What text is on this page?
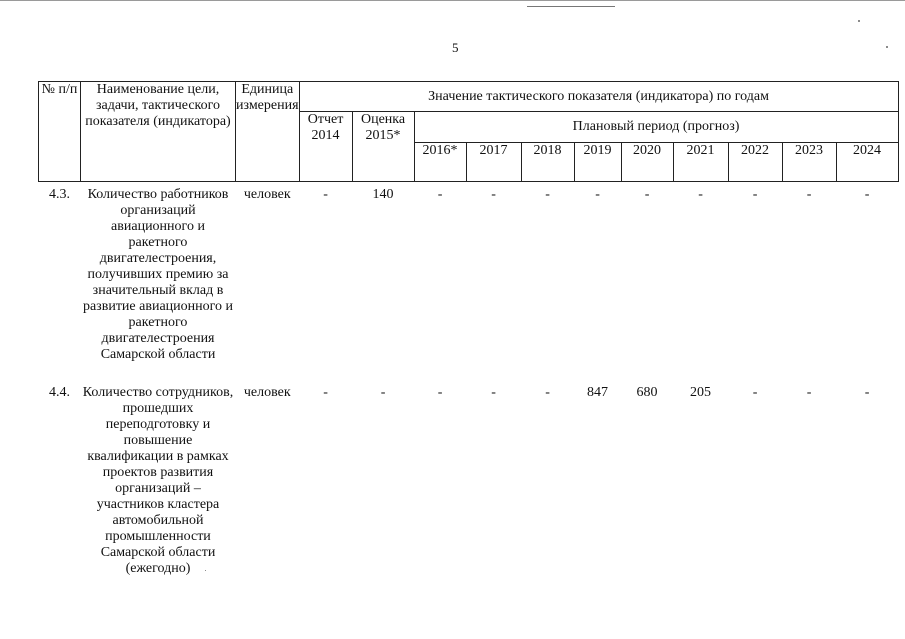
5
№ п/п	Наименование цели, задачи, тактического показателя (индикатора)	Единица измерения	Значение тактического показателя (индикатора) по годам										
			Отчет 2014	Оценка 2015*	Плановый период (прогноз)								
					2016*	2017	2018	2019	2020	2021	2022	2023	2024
4.3.	Количество работников организаций авиационного и ракетного двигателестроения, получивших премию за значительный вклад в развитие авиационного и ракетного двигателестроения Самарской области	человек	-	140	-	-	-	-	-	-	-	-	-
4.4.	Количество сотрудников, прошедших переподготовку и повышение квалификации в рамках проектов развития организаций – участников кластера автомобильной промышленности Самарской области (ежегодно)	человек	-	-	-	-	-	847	680	205	-	-	-
